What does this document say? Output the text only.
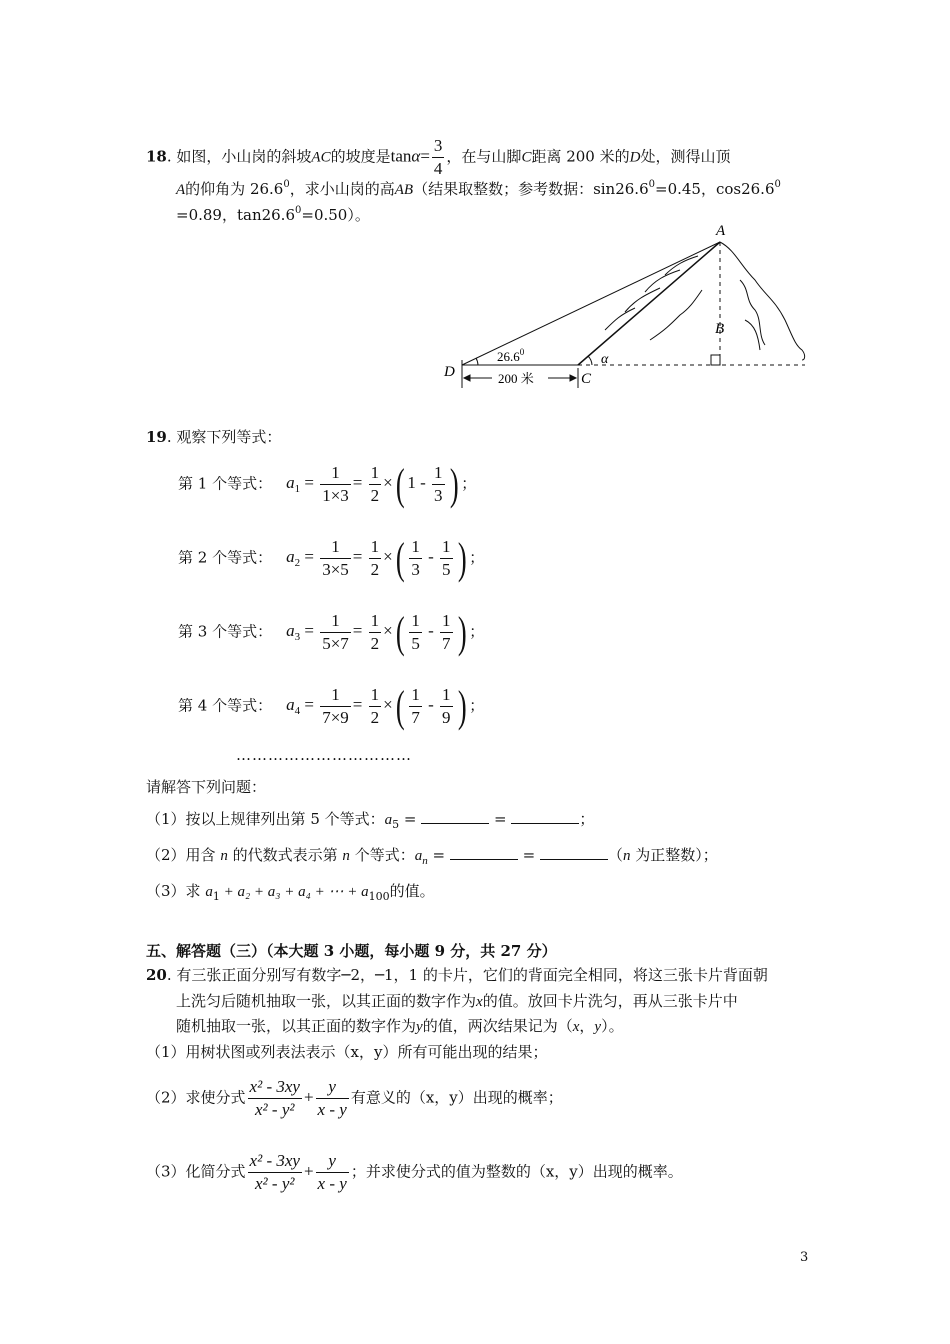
18. 如图，小山岗的斜坡AC的坡度是$\tan\alpha= \frac{3}{4}$ ，在与山脚C距离 200 米的D处，测得山顶
A的仰角为 26.6$^0$，求小山岗的高AB（结果取整数；参考数据：$\sin 26.6^0=0.45$，$\cos 26.6^0$
=0.89，$\tan 26.6^0=0.50$）。
A
B
C
D
α
26.6$^0$
200 米
19. 观察下列等式：
第 1 个等式： $a_1 = \frac{1}{1\times 3} = \frac{1}{2}$ ×( $1 - \frac{1}{3}$ ) ；
第 2 个等式： $a_2 = \frac{1}{3\times 5} = \frac{1}{2}$ ×( $\frac{1}{3} - \frac{1}{5}$ ) ；
第 3 个等式： $a_3 = \frac{1}{5\times 7} = \frac{1}{2}$ ×( $\frac{1}{5} - \frac{1}{7}$ ) ；
第 4 个等式： $a_4 = \frac{1}{7\times 9} = \frac{1}{2}$ ×( $\frac{1}{7} - \frac{1}{9}$ ) ；
……………………………
请解答下列问题：
（1）按以上规律列出第 5 个等式：$a_5$ =	=	；
（2）用含 n 的代数式表示第 n 个等式：$a_n$ =	=	（n 为正整数）；
（3）求 $a_1 + a_2 + a_3 + a_4$ + ⋯ + $a_{100}$的值。
五、解答题（三）（本大题 3 小题，每小题 9 分，共 27 分）
20. 有三张正面分别写有数字─2，─1，1 的卡片，它们的背面完全相同，将这三张卡片背面朝
上洗匀后随机抽取一张，以其正面的数字作为x的值。放回卡片洗匀，再从三张卡片中
随机抽取一张，以其正面的数字作为y的值，两次结果记为（x，y）。
（1）用树状图或列表法表示（x，y）所有可能出现的结果；
（2）求使分式 $\frac{\text{x² - 3xy}}{\text{x² - y²}} + \frac{y}{x - y}$ 有意义的（x，y）出现的概率；
（3）化简分式 $\frac{\text{x² - 3xy}}{\text{x² - y²}} + \frac{y}{x - y}$ ；并求使分式的值为整数的（x，y）出现的概率。
3
